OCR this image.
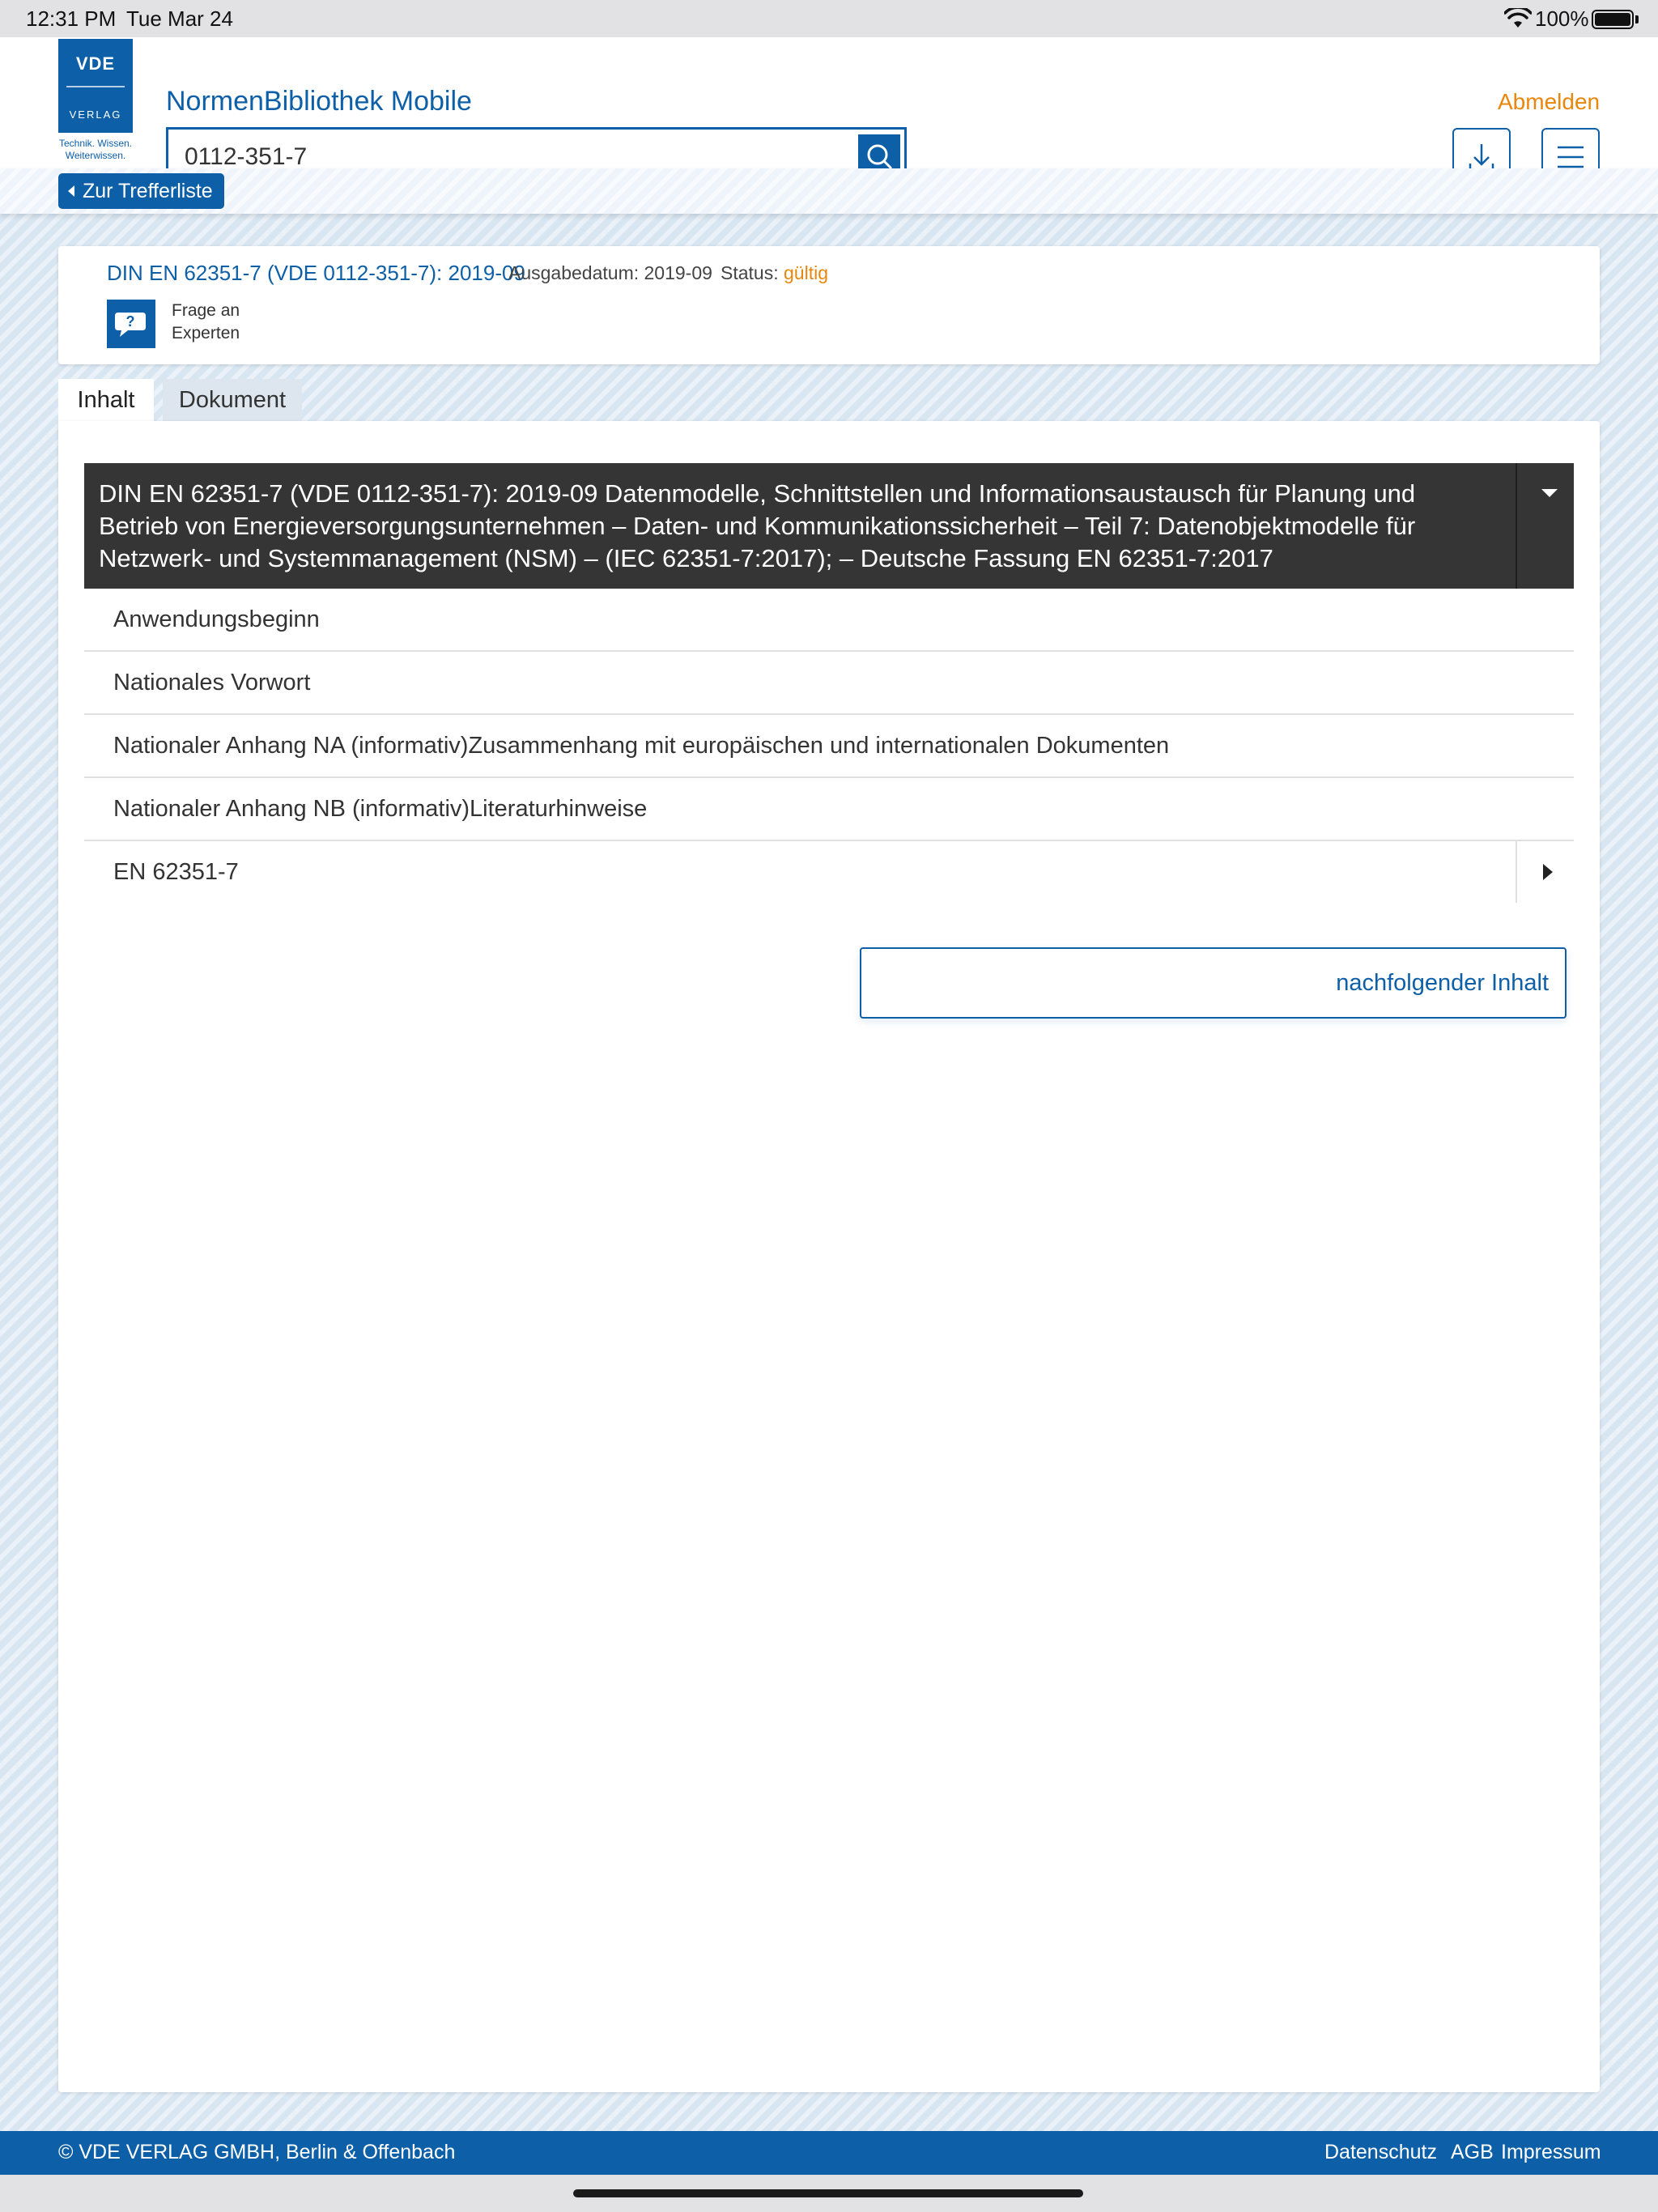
12:31 PM Tue Mar 24	100%
NormenBibliothek Mobile
0112-351-7	Abmelden
VDE
VERLAG
Technik. Wissen. Weiterwissen.
Zur Trefferliste
DIN EN 62351-7 (VDE 0112-351-7): 2019-09
Ausgabedatum: 2019-09 Status: gültig
?
Frage an
Experten
Inhalt	Dokument
DIN EN 62351-7 (VDE 0112-351-7): 2019-09 Datenmodelle, Schnittstellen und Informationsaustausch für Planung und Betrieb von Energieversorgungsunternehmen – Daten- und Kommunikationssicherheit – Teil 7: Datenobjektmodelle für Netzwerk- und Systemmanagement (NSM) – (IEC 62351-7:2017); – Deutsche Fassung EN 62351-7:2017
Anwendungsbeginn
Nationales Vorwort
Nationaler Anhang NA (informativ)Zusammenhang mit europäischen und internationalen Dokumenten
Nationaler Anhang NB (informativ)Literaturhinweise
EN 62351-7
nachfolgender Inhalt
© VDE VERLAG GMBH, Berlin & Offenbach	Datenschutz AGB Impressum
